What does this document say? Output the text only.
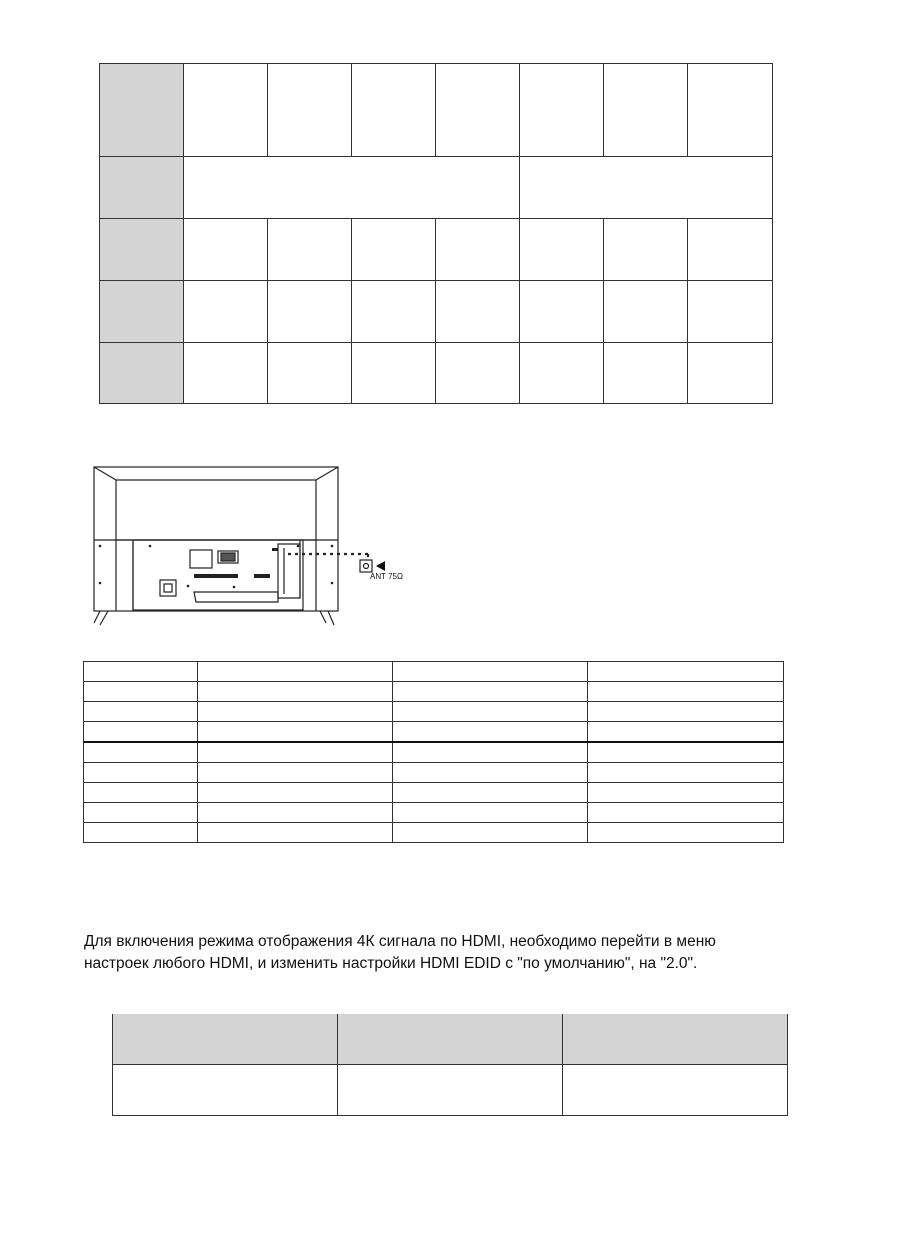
ANT 75Ω

Для включения режима отображения 4К сигнала по HDMI, необходимо перейти в меню
настроек любого HDMI, и изменить настройки HDMI EDID с "по умолчанию", на "2.0".
